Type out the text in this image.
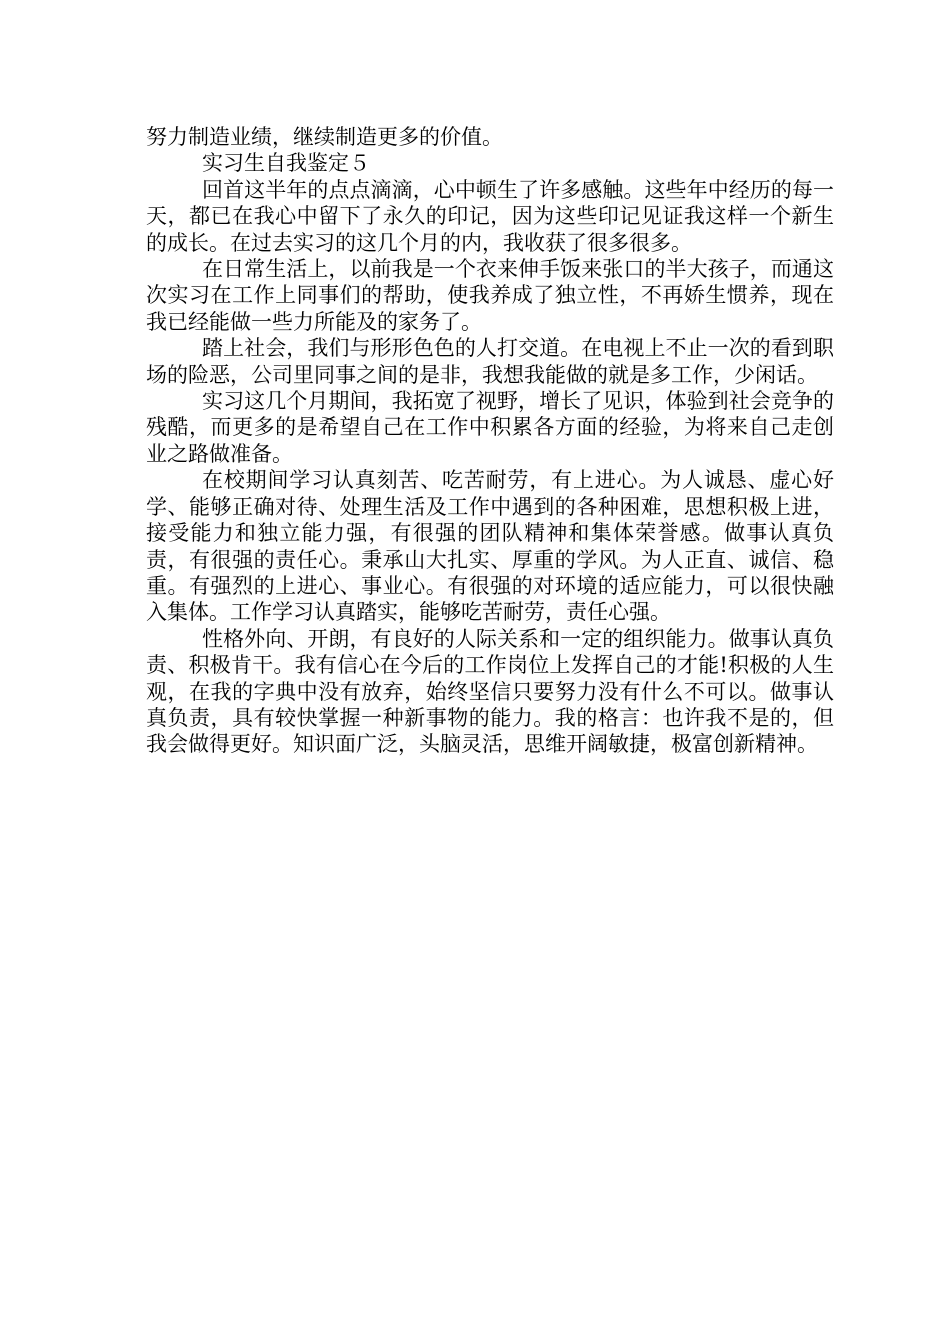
努力制造业绩，继续制造更多的价值。

实习生自我鉴定５

回首这半年的点点滴滴，心中顿生了许多感触。这些年中经历的每一天，都已在我心中留下了永久的印记，因为这些印记见证我这样一个新生的成长。在过去实习的这几个月的内，我收获了很多很多。

在日常生活上，以前我是一个衣来伸手饭来张口的半大孩子，而通这次实习在工作上同事们的帮助，使我养成了独立性，不再娇生惯养，现在我已经能做一些力所能及的家务了。

踏上社会，我们与形形色色的人打交道。在电视上不止一次的看到职场的险恶，公司里同事之间的是非，我想我能做的就是多工作，少闲话。

实习这几个月期间，我拓宽了视野，增长了见识，体验到社会竞争的残酷，而更多的是希望自己在工作中积累各方面的经验，为将来自己走创业之路做准备。

在校期间学习认真刻苦、吃苦耐劳，有上进心。为人诚恳、虚心好学、能够正确对待、处理生活及工作中遇到的各种困难，思想积极上进，接受能力和独立能力强，有很强的团队精神和集体荣誉感。做事认真负责，有很强的责任心。秉承山大扎实、厚重的学风。为人正直、诚信、稳重。有强烈的上进心、事业心。有很强的对环境的适应能力，可以很快融入集体。工作学习认真踏实，能够吃苦耐劳，责任心强。

性格外向、开朗，有良好的人际关系和一定的组织能力。做事认真负责、积极肯干。我有信心在今后的工作岗位上发挥自己的才能!积极的人生观，在我的字典中没有放弃，始终坚信只要努力没有什么不可以。做事认真负责，具有较快掌握一种新事物的能力。我的格言：也许我不是的，但我会做得更好。知识面广泛，头脑灵活，思维开阔敏捷，极富创新精神。
